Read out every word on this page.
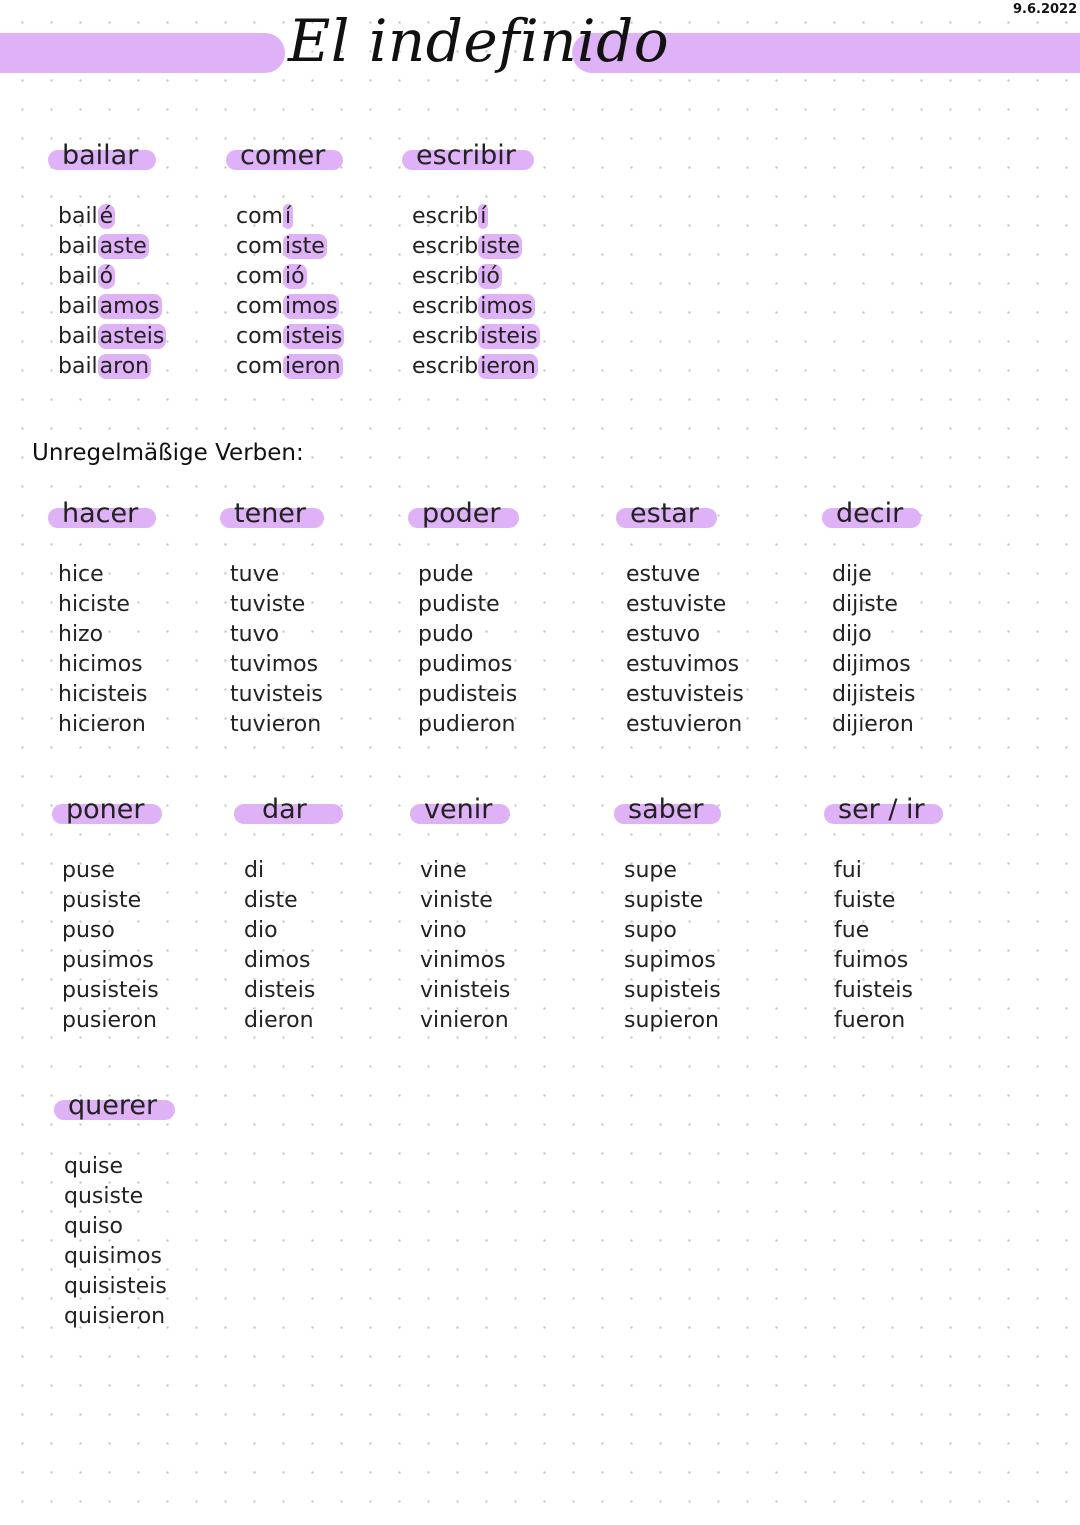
El indefinido	9.6.2022
bailar
bailé
bailaste
bailó
bailamos
bailasteis
bailaron
comer
comí
comiste
comió
comimos
comisteis
comieron
escribir
escribí
escribiste
escribió
escribimos
escribisteis
escribieron
Unregelmäßige Verben:
hacer
hice
hiciste
hizo
hicimos
hicisteis
hicieron
tener
tuve
tuviste
tuvo
tuvimos
tuvisteis
tuvieron
poder
pude
pudiste
pudo
pudimos
pudisteis
pudieron
estar
estuve
estuviste
estuvo
estuvimos
estuvisteis
estuvieron
decir
dije
dijiste
dijo
dijimos
dijisteis
dijieron
poner
puse
pusiste
puso
pusimos
pusisteis
pusieron
dar
di
diste
dio
dimos
disteis
dieron
venir
vine
viniste
vino
vinimos
vinisteis
vinieron
saber
supe
supiste
supo
supimos
supisteis
supieron
ser / ir
fui
fuiste
fue
fuimos
fuisteis
fueron
querer
quise
qusiste
quiso
quisimos
quisisteis
quisieron
